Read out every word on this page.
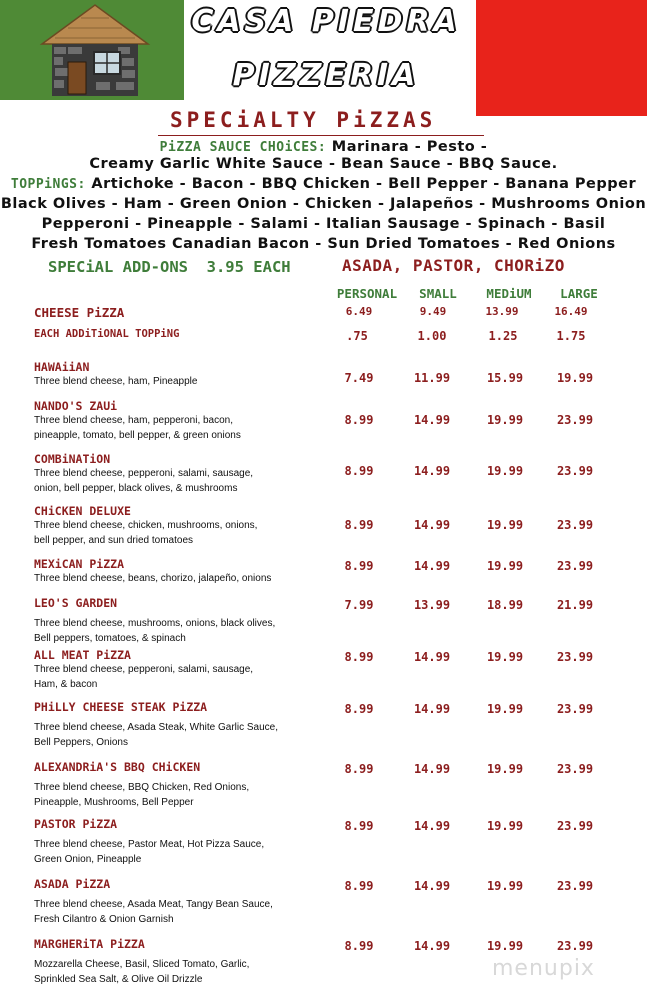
CASA PIEDRA
PIZZERIA
SPECiALTY PiZZAS
PiZZA SAUCE CHOiCES: Marinara - Pesto -
Creamy Garlic White Sauce - Bean Sauce - BBQ Sauce.
TOPPiNGS: Artichoke - Bacon - BBQ Chicken - Bell Pepper - Banana Pepper
Black Olives - Ham - Green Onion - Chicken - Jalapeños - Mushrooms Onion
Pepperoni - Pineapple - Salami - Italian Sausage - Spinach - Basil
Fresh Tomatoes Canadian Bacon - Sun Dried Tomatoes - Red Onions
SPECiAL ADD-ONS  3.95 EACH	ASADA, PASTOR, CHORiZO
PERSONAL	SMALL	MEDiUM	LARGE
CHEESE PiZZA	6.49	9.49	13.99	16.49
EACH ADDiTiONAL TOPPiNG	.75	1.00	1.25	1.75
HAWAiiAN
Three blend cheese, ham, Pineapple	7.49	11.99	15.99	19.99
NANDO'S ZAUi
Three blend cheese, ham, pepperoni, bacon,
pineapple, tomato, bell pepper, & green onions
8.99	14.99	19.99	23.99
COMBiNATiON
Three blend cheese, pepperoni, salami, sausage,
onion, bell pepper, black olives, & mushrooms
8.99	14.99	19.99	23.99
CHiCKEN DELUXE
Three blend cheese, chicken, mushrooms, onions,
bell pepper, and sun dried tomatoes
8.99	14.99	19.99	23.99
MEXiCAN PiZZA
Three blend cheese, beans, chorizo, jalapeño, onions
8.99	14.99	19.99	23.99
LEO'S GARDEN
Three blend cheese, mushrooms, onions, black olives,
Bell peppers, tomatoes, & spinach
7.99	13.99	18.99	21.99
ALL MEAT PiZZA
Three blend cheese, pepperoni, salami, sausage,
Ham, & bacon
8.99	14.99	19.99	23.99
PHiLLY CHEESE STEAK PiZZA
Three blend cheese, Asada Steak, White Garlic Sauce,
Bell Peppers, Onions
8.99	14.99	19.99	23.99
ALEXANDRiA'S BBQ CHiCKEN
Three blend cheese, BBQ Chicken, Red Onions,
Pineapple, Mushrooms, Bell Pepper
8.99	14.99	19.99	23.99
PASTOR PiZZA
Three blend cheese, Pastor Meat, Hot Pizza Sauce,
Green Onion, Pineapple
8.99	14.99	19.99	23.99
ASADA PiZZA
Three blend cheese, Asada Meat, Tangy Bean Sauce,
Fresh Cilantro & Onion Garnish
8.99	14.99	19.99	23.99
MARGHERiTA PiZZA
Mozzarella Cheese, Basil, Sliced Tomato, Garlic,
Sprinkled Sea Salt, & Olive Oil Drizzle
8.99	14.99	19.99	23.99
menupix
